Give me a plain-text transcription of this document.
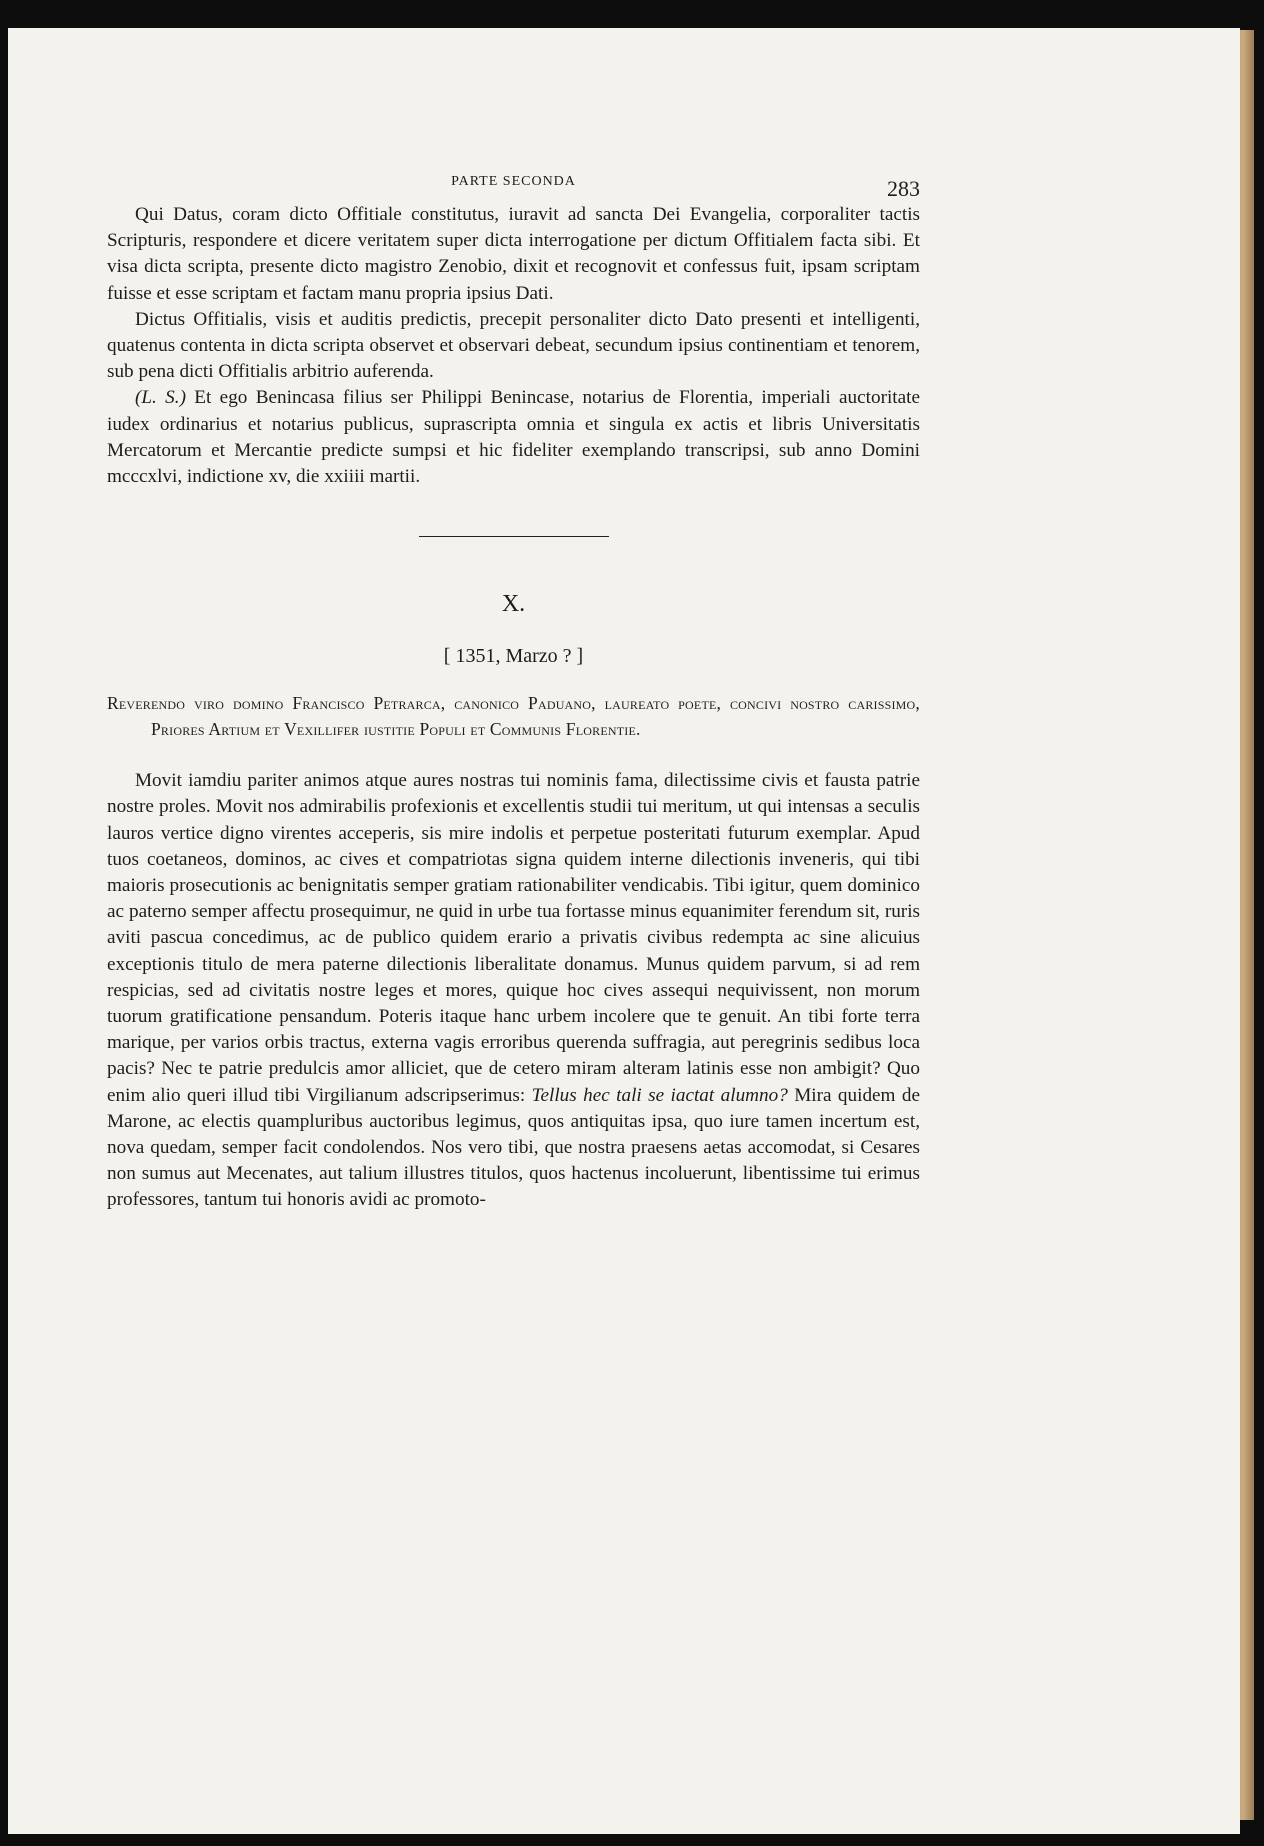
PARTE SECONDA	283

Qui Datus, coram dicto Offitiale constitutus, iuravit ad sancta Dei Evangelia, corporaliter tactis Scripturis, respondere et dicere veritatem super dicta interrogatione per dictum Offitialem facta sibi. Et visa dicta scripta, presente dicto magistro Zenobio, dixit et recognovit et confessus fuit, ipsam scriptam fuisse et esse scriptam et factam manu propria ipsius Dati.

Dictus Offitialis, visis et auditis predictis, precepit personaliter dicto Dato presenti et intelligenti, quatenus contenta in dicta scripta observet et observari debeat, secundum ipsius continentiam et tenorem, sub pena dicti Offitialis arbitrio auferenda.

(L. S.) Et ego Benincasa filius ser Philippi Benincase, notarius de Florentia, imperiali auctoritate iudex ordinarius et notarius publicus, suprascripta omnia et singula ex actis et libris Universitatis Mercatorum et Mercantie predicte sumpsi et hic fideliter exemplando transcripsi, sub anno Domini mcccxlvi, indictione xv, die xxiiii martii.

X.
[ 1351, Marzo ? ]
Reverendo viro domino Francisco Petrarca, canonico Paduano, laureato poete, concivi nostro carissimo, Priores Artium et Vexillifer iustitie Populi et Communis Florentie.

Movit iamdiu pariter animos atque aures nostras tui nominis fama, dilectissime civis et fausta patrie nostre proles. Movit nos admirabilis profexionis et excellentis studii tui meritum, ut qui intensas a seculis lauros vertice digno virentes acceperis, sis mire indolis et perpetue posteritati futurum exemplar. Apud tuos coetaneos, dominos, ac cives et compatriotas signa quidem interne dilectionis inveneris, qui tibi maioris prosecutionis ac benignitatis semper gratiam rationabiliter vendicabis. Tibi igitur, quem dominico ac paterno semper affectu prosequimur, ne quid in urbe tua fortasse minus equanimiter ferendum sit, ruris aviti pascua concedimus, ac de publico quidem erario a privatis civibus redempta ac sine alicuius exceptionis titulo de mera paterne dilectionis liberalitate donamus. Munus quidem parvum, si ad rem respicias, sed ad civitatis nostre leges et mores, quique hoc cives assequi nequivissent, non morum tuorum gratificatione pensandum. Poteris itaque hanc urbem incolere que te genuit. An tibi forte terra marique, per varios orbis tractus, externa vagis erroribus querenda suffragia, aut peregrinis sedibus loca pacis? Nec te patrie predulcis amor alliciet, que de cetero miram alteram latinis esse non ambigit? Quo enim alio queri illud tibi Virgilianum adscripserimus: Tellus hec tali se iactat alumno? Mira quidem de Marone, ac electis quampluribus auctoribus legimus, quos antiquitas ipsa, quo iure tamen incertum est, nova quedam, semper facit condolendos. Nos vero tibi, que nostra praesens aetas accomodat, si Cesares non sumus aut Mecenates, aut talium illustres titulos, quos hactenus incoluerunt, libentissime tui erimus professores, tantum tui honoris avidi ac promoto-
